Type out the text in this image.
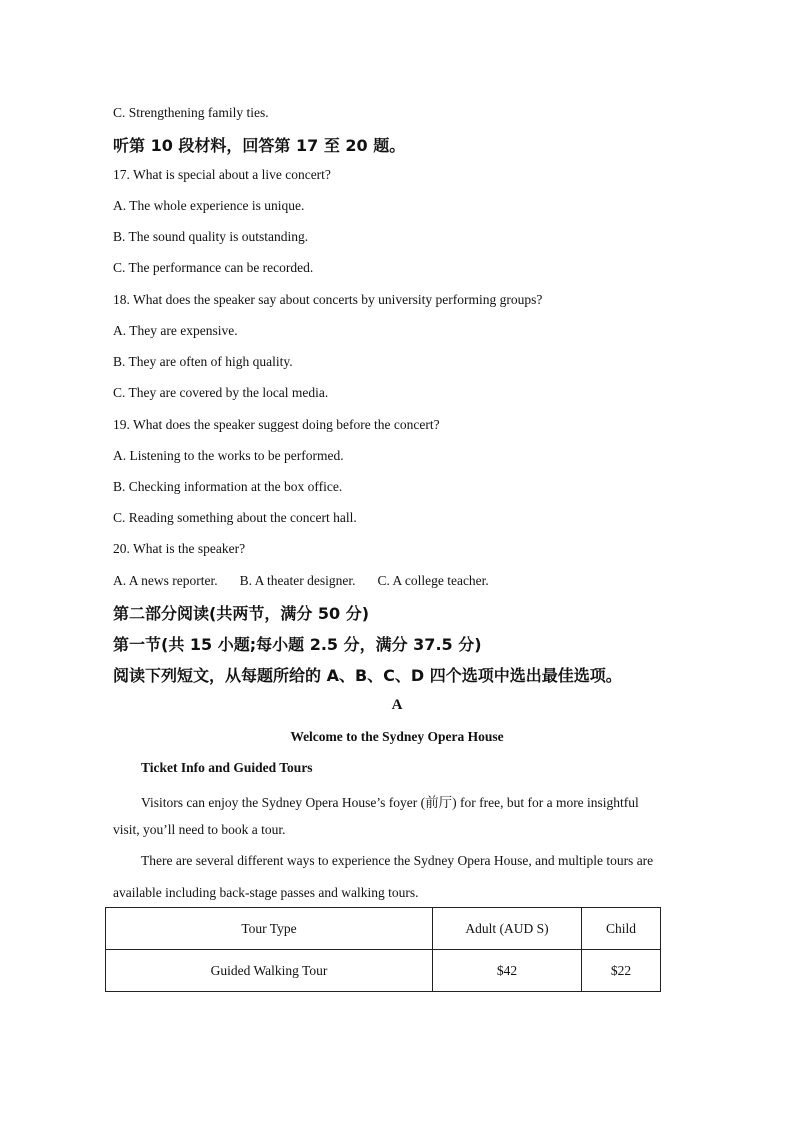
C. Strengthening family ties.
听第 10 段材料，回答第 17 至 20 题。
17. What is special about a live concert?
A. The whole experience is unique.
B. The sound quality is outstanding.
C. The performance can be recorded.
18. What does the speaker say about concerts by university performing groups?
A. They are expensive.
B. They are often of high quality.
C. They are covered by the local media.
19. What does the speaker suggest doing before the concert?
A. Listening to the works to be performed.
B. Checking information at the box office.
C. Reading something about the concert hall.
20. What is the speaker?
A. A news reporter. B. A theater designer. C. A college teacher.
第二部分阅读(共两节，满分 50 分)
第一节(共 15 小题;每小题 2.5 分，满分 37.5 分)
阅读下列短文，从每题所给的 A、B、C、D 四个选项中选出最佳选项。
A
Welcome to the Sydney Opera House
Ticket Info and Guided Tours
Visitors can enjoy the Sydney Opera House’s foyer (前厅) for free, but for a more insightful
visit, you’ll need to book a tour.
There are several different ways to experience the Sydney Opera House, and multiple tours are
available including back-stage passes and walking tours.
Tour Type	Adult (AUD S)	Child
Guided Walking Tour	$42	$22
